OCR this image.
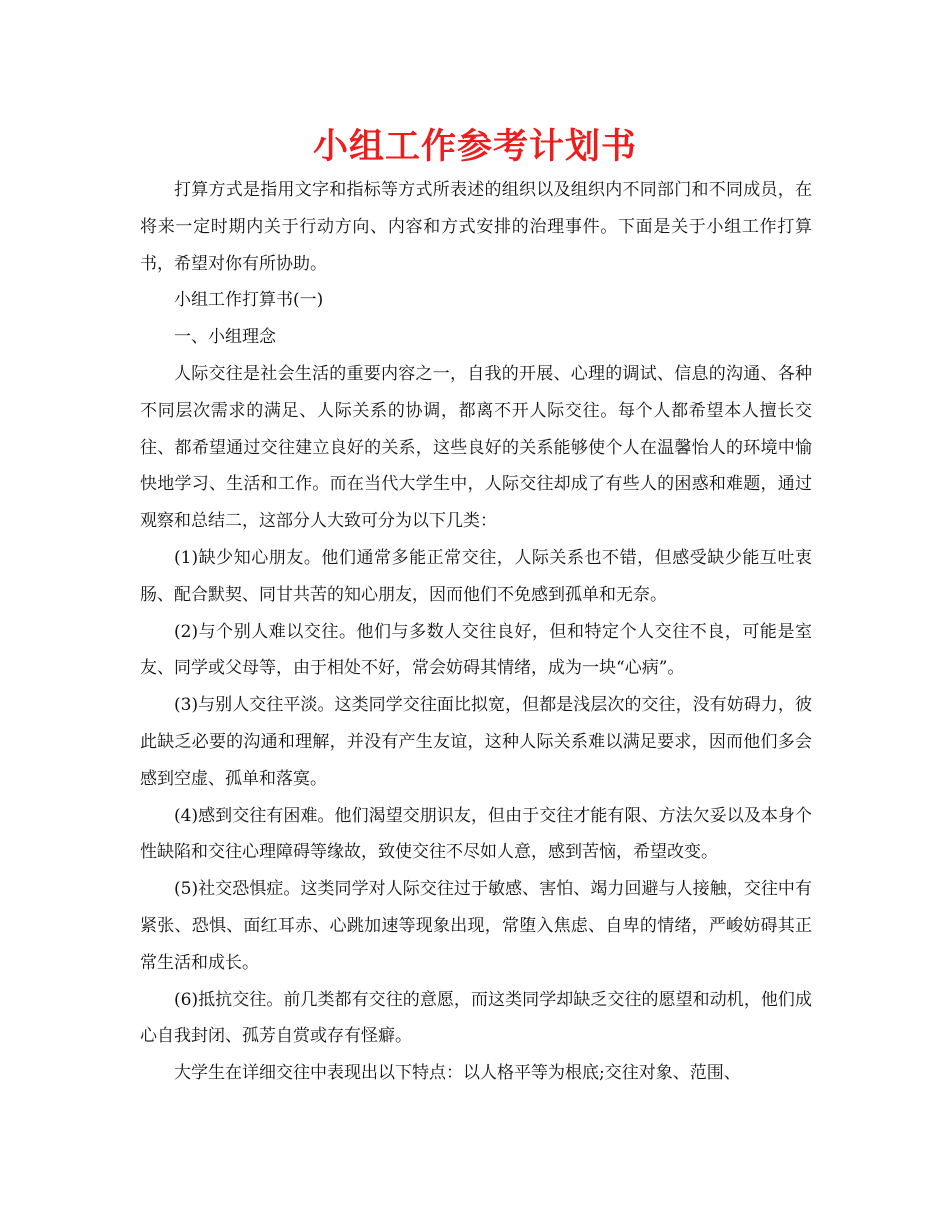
小组工作参考计划书

打算方式是指用文字和指标等方式所表述的组织以及组织内不同部门和不同成员，在将来一定时期内关于行动方向、内容和方式安排的治理事件。下面是关于小组工作打算书，希望对你有所协助。

小组工作打算书(一)

一、小组理念

人际交往是社会生活的重要内容之一，自我的开展、心理的调试、信息的沟通、各种不同层次需求的满足、人际关系的协调，都离不开人际交往。每个人都希望本人擅长交往、都希望通过交往建立良好的关系，这些良好的关系能够使个人在温馨怡人的环境中愉快地学习、生活和工作。而在当代大学生中，人际交往却成了有些人的困惑和难题，通过观察和总结二，这部分人大致可分为以下几类：

(1)缺少知心朋友。他们通常多能正常交往，人际关系也不错，但感受缺少能互吐衷肠、配合默契、同甘共苦的知心朋友，因而他们不免感到孤单和无奈。

(2)与个别人难以交往。他们与多数人交往良好，但和特定个人交往不良，可能是室友、同学或父母等，由于相处不好，常会妨碍其情绪，成为一块“心病”。

(3)与别人交往平淡。这类同学交往面比拟宽，但都是浅层次的交往，没有妨碍力，彼此缺乏必要的沟通和理解，并没有产生友谊，这种人际关系难以满足要求，因而他们多会感到空虚、孤单和落寞。

(4)感到交往有困难。他们渴望交朋识友，但由于交往才能有限、方法欠妥以及本身个性缺陷和交往心理障碍等缘故，致使交往不尽如人意，感到苦恼，希望改变。

(5)社交恐惧症。这类同学对人际交往过于敏感、害怕、竭力回避与人接触，交往中有紧张、恐惧、面红耳赤、心跳加速等现象出现，常堕入焦虑、自卑的情绪，严峻妨碍其正常生活和成长。

(6)抵抗交往。前几类都有交往的意愿，而这类同学却缺乏交往的愿望和动机，他们成心自我封闭、孤芳自赏或存有怪癖。

大学生在详细交往中表现出以下特点：以人格平等为根底;交往对象、范围、
